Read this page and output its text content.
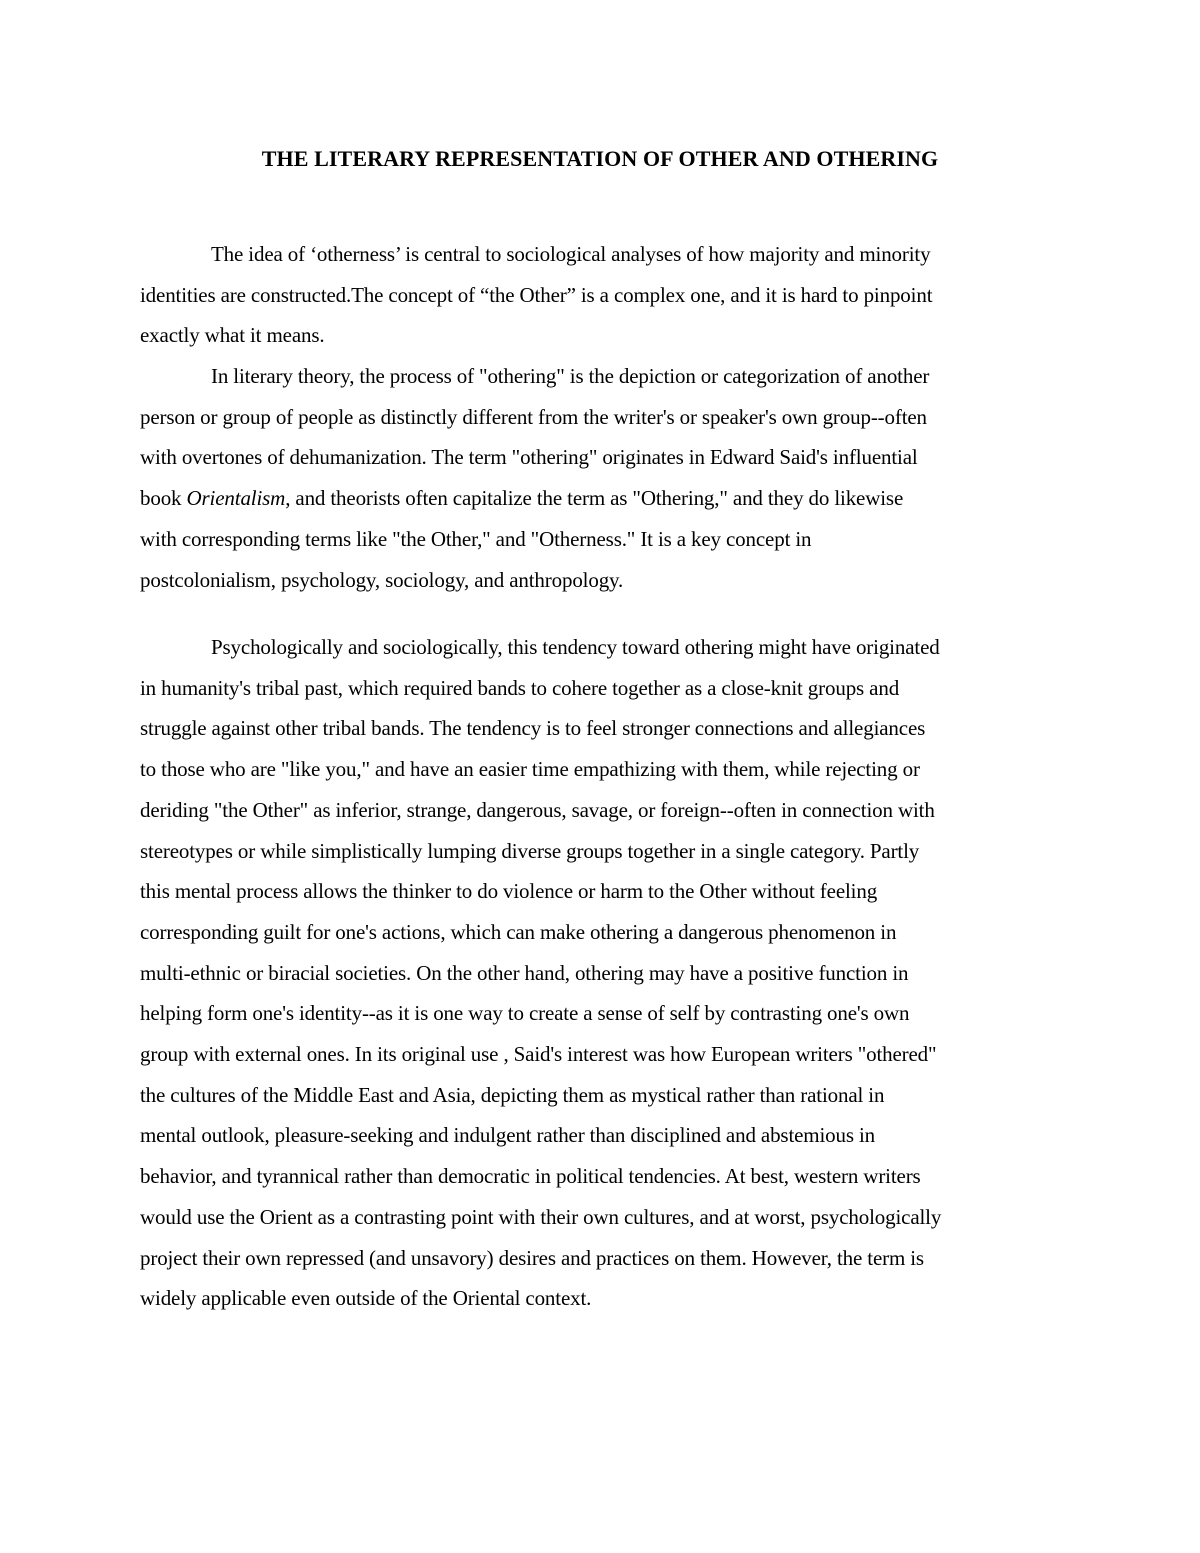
THE LITERARY REPRESENTATION OF OTHER AND OTHERING
The idea of ‘otherness’ is central to sociological analyses of how majority and minority
identities are constructed.The concept of “the Other” is a complex one, and it is hard to pinpoint
exactly what it means.
In literary theory, the process of "othering" is the depiction or categorization of another
person or group of people as distinctly different from the writer's or speaker's own group--often
with overtones of dehumanization. The term "othering" originates in Edward Said's influential
book Orientalism, and theorists often capitalize the term as "Othering," and they do likewise
with corresponding terms like "the Other," and "Otherness." It is a key concept in
postcolonialism, psychology, sociology, and anthropology.
Psychologically and sociologically, this tendency toward othering might have originated
in humanity's tribal past, which required bands to cohere together as a close-knit groups and
struggle against other tribal bands. The tendency is to feel stronger connections and allegiances
to those who are "like you," and have an easier time empathizing with them, while rejecting or
deriding "the Other" as inferior, strange, dangerous, savage, or foreign--often in connection with
stereotypes or while simplistically lumping diverse groups together in a single category. Partly
this mental process allows the thinker to do violence or harm to the Other without feeling
corresponding guilt for one's actions, which can make othering a dangerous phenomenon in
multi-ethnic or biracial societies. On the other hand, othering may have a positive function in
helping form one's identity--as it is one way to create a sense of self by contrasting one's own
group with external ones. In its original use , Said's interest was how European writers "othered"
the cultures of the Middle East and Asia, depicting them as mystical rather than rational in
mental outlook, pleasure-seeking and indulgent rather than disciplined and abstemious in
behavior, and tyrannical rather than democratic in political tendencies. At best, western writers
would use the Orient as a contrasting point with their own cultures, and at worst, psychologically
project their own repressed (and unsavory) desires and practices on them. However, the term is
widely applicable even outside of the Oriental context.
